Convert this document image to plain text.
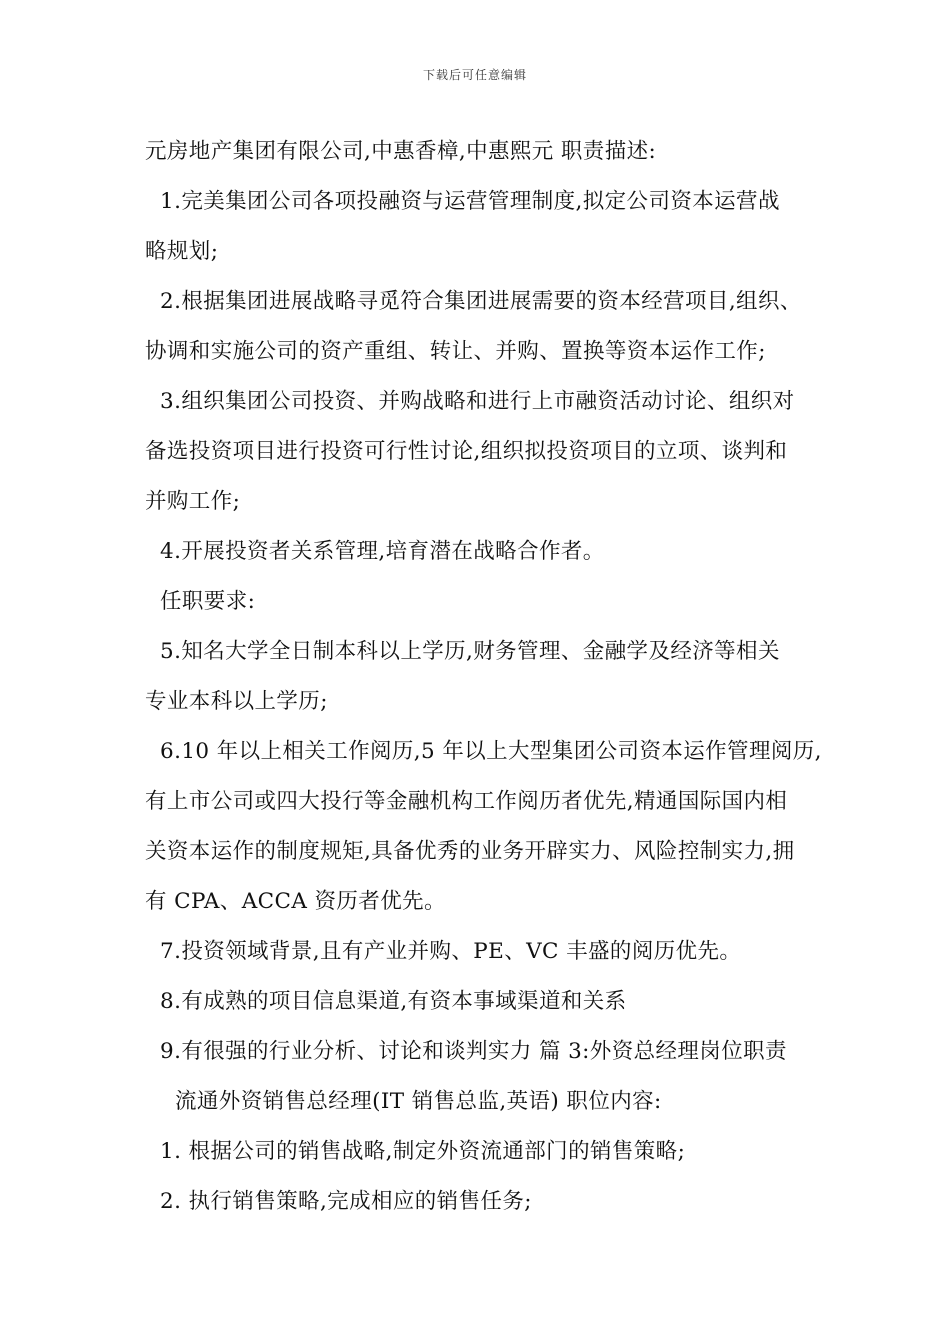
下载后可任意编辑
元房地产集团有限公司,中惠香樟,中惠熙元 职责描述:
1.完美集团公司各项投融资与运营管理制度,拟定公司资本运营战
略规划;
2.根据集团进展战略寻觅符合集团进展需要的资本经营项目,组织、
协调和实施公司的资产重组、转让、并购、置换等资本运作工作;
3.组织集团公司投资、并购战略和进行上市融资活动讨论、组织对
备选投资项目进行投资可行性讨论,组织拟投资项目的立项、谈判和
并购工作;
4.开展投资者关系管理,培育潜在战略合作者。
任职要求:
5.知名大学全日制本科以上学历,财务管理、金融学及经济等相关
专业本科以上学历;
6.10 年以上相关工作阅历,5 年以上大型集团公司资本运作管理阅历,
有上市公司或四大投行等金融机构工作阅历者优先,精通国际国内相
关资本运作的制度规矩,具备优秀的业务开辟实力、风险控制实力,拥
有 CPA、ACCA 资历者优先。
7.投资领域背景,且有产业并购、PE、VC 丰盛的阅历优先。
8.有成熟的项目信息渠道,有资本事域渠道和关系
9.有很强的行业分析、讨论和谈判实力 篇 3:外资总经理岗位职责
流通外资销售总经理(IT 销售总监,英语) 职位内容:
1. 根据公司的销售战略,制定外资流通部门的销售策略;
2. 执行销售策略,完成相应的销售任务;
